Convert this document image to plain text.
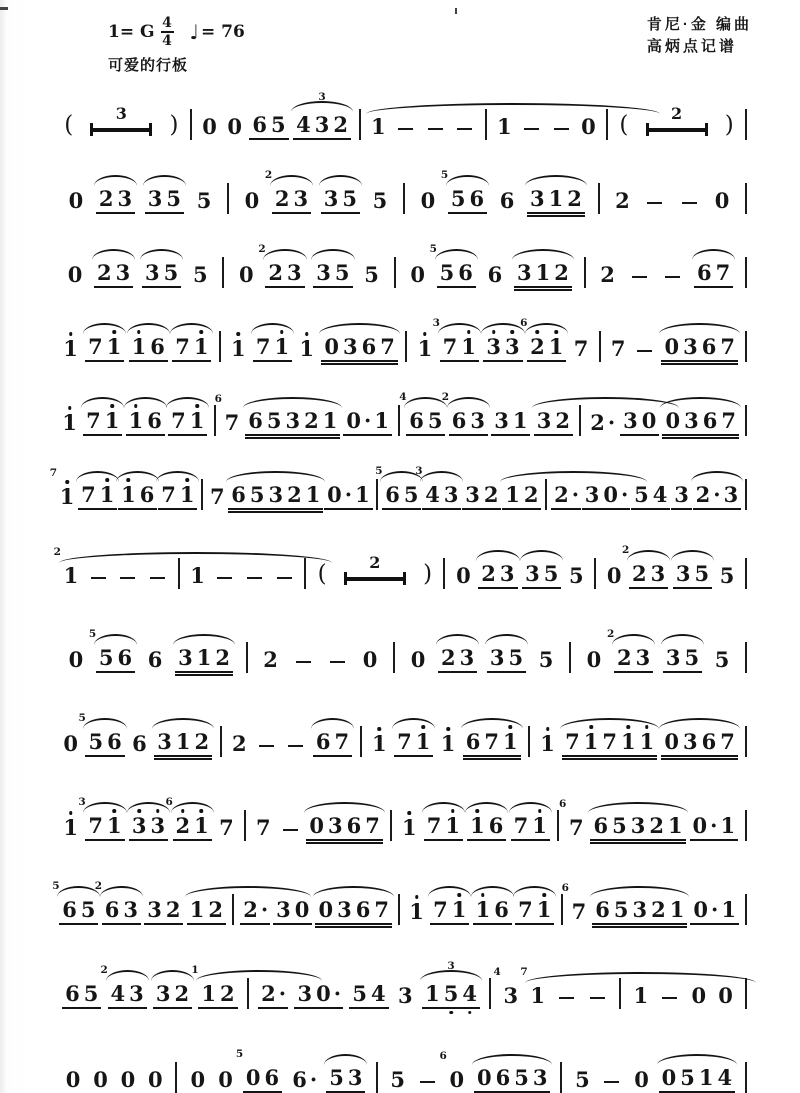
1= G $\frac{4}{4}$ ♩ = 76
可爱的行板
肯尼·金 编曲
高炳点记谱
(	3 ) 0 0 6 5 4 3 2
3
1	1	0 (	2 )
0 2 3 3 5 5 0 2 3
2
3 5 5 0 5 6
5
6 3 1 2 2	0
0 2 3 3 5 5 0 2 3
2
3 5 5 0 5 6
5
6 3 1 2 2	6 7
1 7 1 1 6 7 1 1 7 1 1 0 3 6 7 1 7 1
3
3 3 2 1
6
7 7 0 3 6 7
1 7 1 1 6 7 1 7
6
6 5 3 2 1 0 · 1 6 5
4
6 3
2
3 1 3 2 2 · 3 0 0 3 6 7
1
7
7 1 1 6 7 1 7 6 5 3 2 1 0 · 1 6 5
5
4 3
3
3 2 1 2 2 · 3 0 · 5 4 3 2 · 3
1
2
1	(	2 ) 0 2 3 3 5 5 0 2 3
2
3 5 5
0 5 6
5
6 3 1 2 2	0 0 2 3 3 5 5 0 2 3
2
3 5 5
0 5 6
5
6 3 1 2 2	6 7 1 7 1 1 6 7 1 1 7 1 7 1 1 0 3 6 7
1 7 1
3
3 3 2 1
6
7 7 0 3 6 7 1 7 1 1 6 7 1 7
6
6 5 3 2 1 0 · 1
6 5
5
6 3
2
3 2 1 2 2 · 3 0 0 3 6 7 1 7 1 1 6 7 1 7
6
6 5 3 2 1 0 · 1
6 5 4 3
2
3 2 1 2
1
2 · 3 0 · 5 4 3 1 5 4
3
3
4
1
7
1 0 0
0 0 0 0 0 0 0 6
5
6 · 5 3 5 0
6
0 6 5 3 5 0 0 5 1 4
